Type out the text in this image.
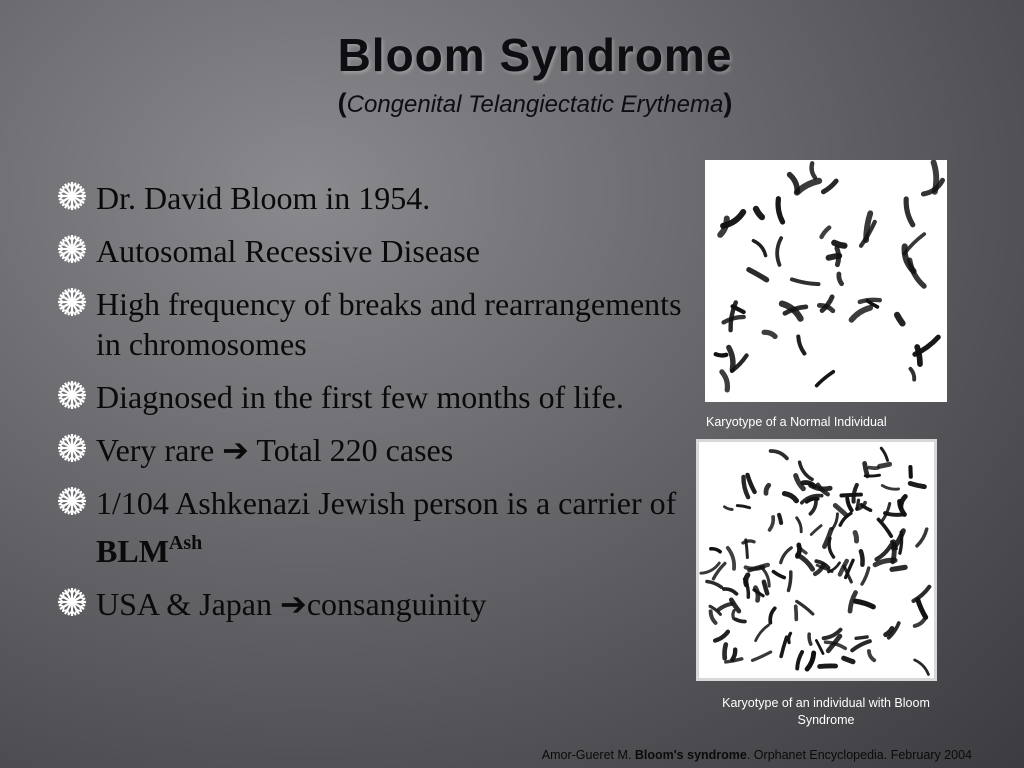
Bloom Syndrome
(Congenital Telangiectatic Erythema)
Dr. David Bloom in 1954.
Autosomal Recessive Disease
High frequency of breaks and rearrangements in chromosomes
Diagnosed in the first few months of life.
Very rare ➔ Total 220 cases
1/104 Ashkenazi Jewish person is a carrier of $BLM^{Ash}$
USA & Japan ➔consanguinity
Karyotype of a Normal Individual
Karyotype of an individual with Bloom Syndrome
Amor-Gueret M. Bloom's syndrome. Orphanet Encyclopedia. February 2004
